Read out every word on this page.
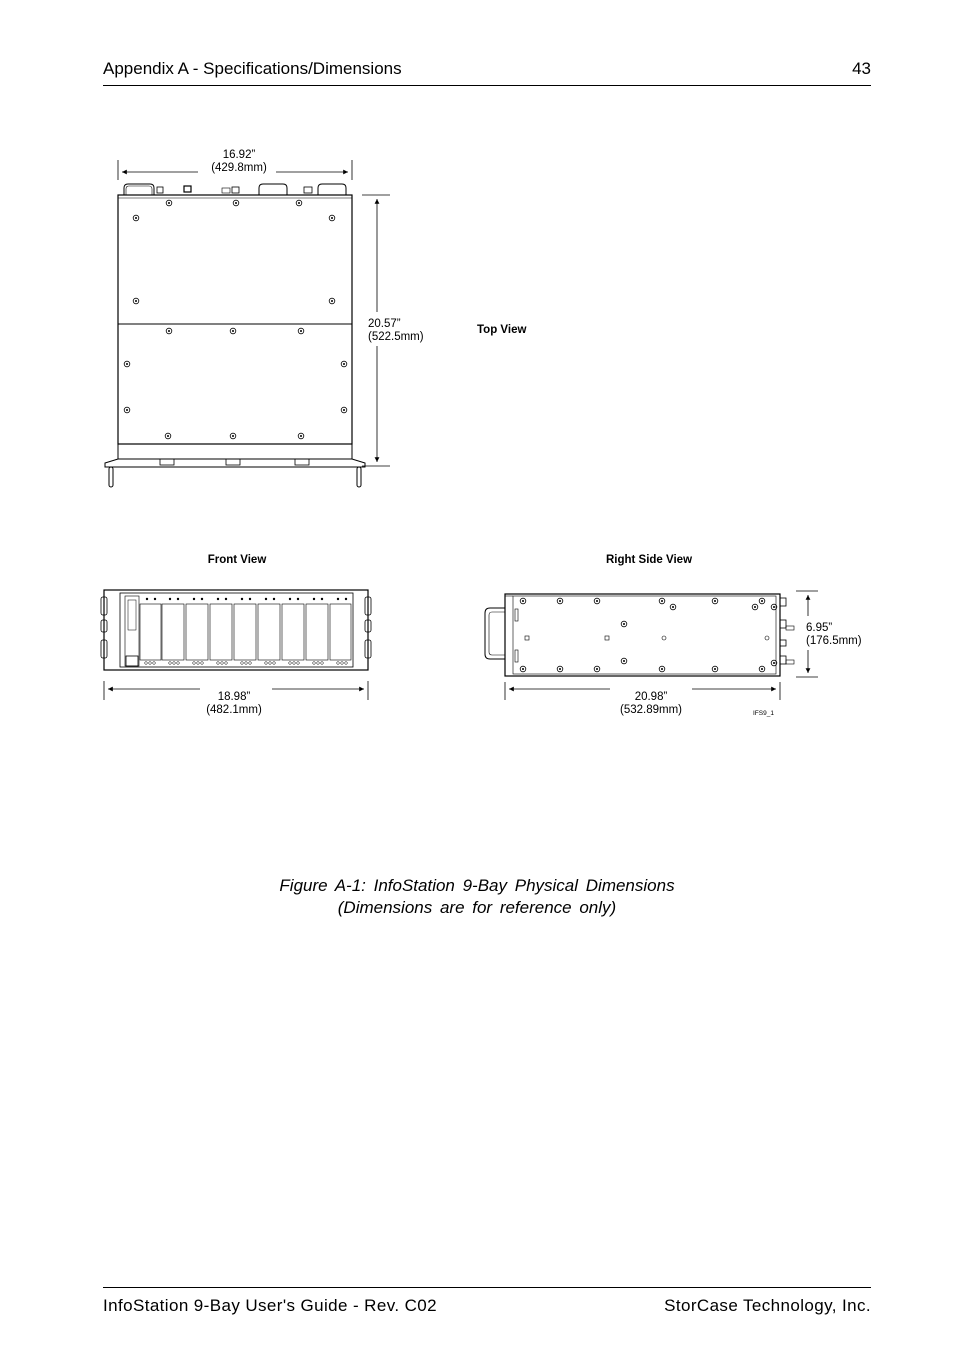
Appendix A - Specifications/Dimensions	43
16.92”
(429.8mm)
20.57”
(522.5mm)
Top View
Front View	Right Side View
18.98”
(482.1mm)
20.98”
(532.89mm)
6.95”
(176.5mm)
IFS9_1
Figure A-1: InfoStation 9-Bay Physical Dimensions
(Dimensions are for reference only)
InfoStation 9-Bay User's Guide - Rev. C02	StorCase Technology, Inc.
